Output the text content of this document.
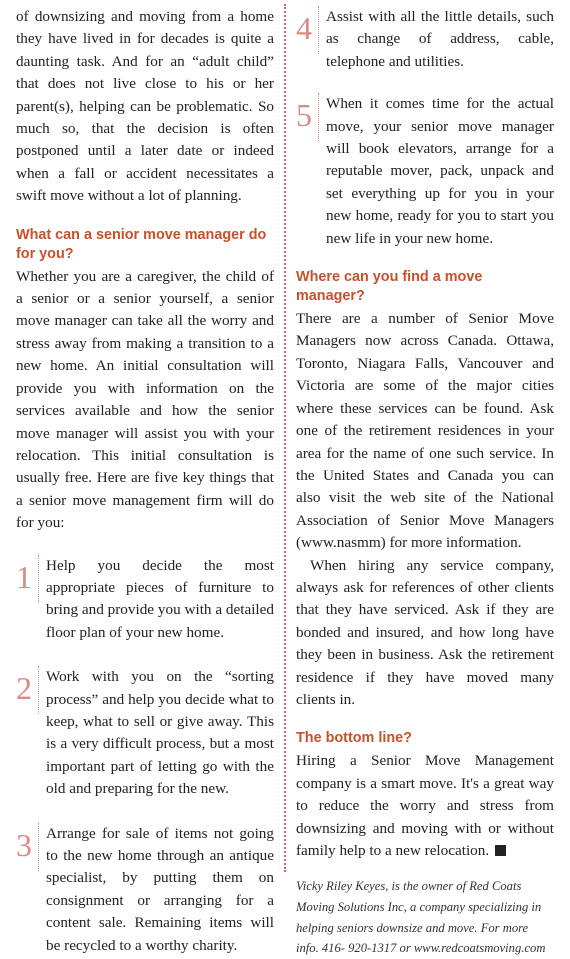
of downsizing and moving from a home they have lived in for decades is quite a daunting task. And for an “adult child” that does not live close to his or her parent(s), helping can be problematic. So much so, that the decision is often postponed until a later date or indeed when a fall or accident necessitates a swift move without a lot of planning.

What can a senior move manager do for you?

Whether you are a caregiver, the child of a senior or a senior yourself, a senior move manager can take all the worry and stress away from making a transition to a new home. An initial consultation will provide you with information on the services available and how the senior move manager will assist you with your relocation. This initial consultation is usually free. Here are five key things that a senior move management firm will do for you:

1 Help you decide the most appropriate pieces of furniture to bring and provide you with a detailed floor plan of your new home.

2 Work with you on the “sorting process” and help you decide what to keep, what to sell or give away. This is a very difficult process, but a most important part of letting go with the old and preparing for the new.

3 Arrange for sale of items not going to the new home through an antique specialist, by putting them on consignment or arranging for a content sale. Remaining items will be recycled to a worthy charity.

4 Assist with all the little details, such as change of address, cable, telephone and utilities.

5 When it comes time for the actual move, your senior move manager will book elevators, arrange for a reputable mover, pack, unpack and set everything up for you in your new home, ready for you to start you new life in your new home.

Where can you find a move manager?

There are a number of Senior Move Managers now across Canada. Ottawa, Toronto, Niagara Falls, Vancouver and Victoria are some of the major cities where these services can be found. Ask one of the retirement residences in your area for the name of one such service. In the United States and Canada you can also visit the web site of the National Association of Senior Move Managers (www.nasmm) for more information.

When hiring any service company, always ask for references of other clients that they have serviced. Ask if they are bonded and insured, and how long have they been in business. Ask the retirement residence if they have moved many clients in.

The bottom line?

Hiring a Senior Move Management company is a smart move. It's a great way to reduce the worry and stress from downsizing and moving with or without family help to a new relocation.

Vicky Riley Keyes, is the owner of Red Coats Moving Solutions Inc, a company specializing in helping seniors downsize and move. For more info. 416- 920-1317 or www.redcoatsmoving.com
